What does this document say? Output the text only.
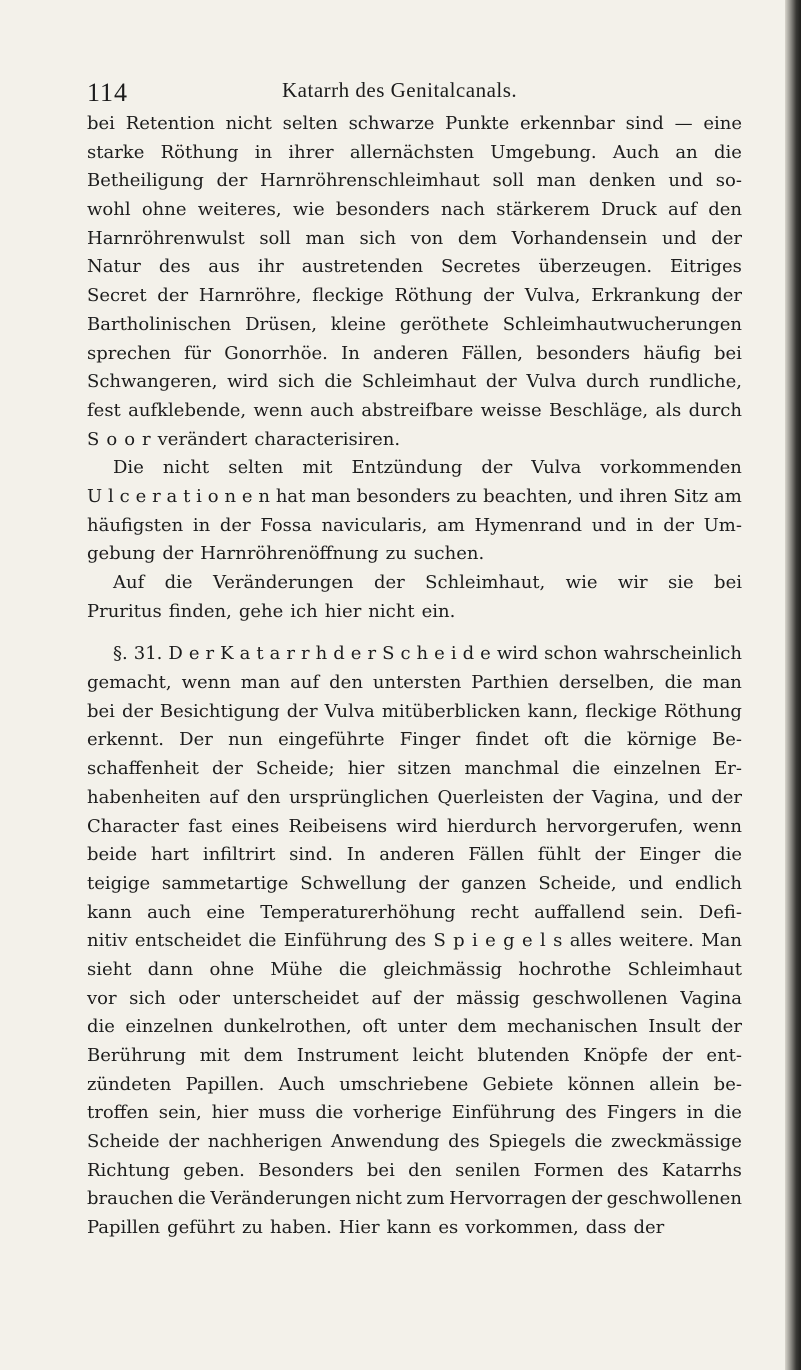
114	Katarrh des Genitalcanals.
bei Retention nicht selten schwarze Punkte erkennbar sind — eine
starke Röthung in ihrer allernächsten Umgebung. Auch an die
Betheiligung der Harnröhrenschleimhaut soll man denken und so-
wohl ohne weiteres, wie besonders nach stärkerem Druck auf den
Harnröhrenwulst soll man sich von dem Vorhandensein und der
Natur des aus ihr austretenden Secretes überzeugen. Eitriges
Secret der Harnröhre, fleckige Röthung der Vulva, Erkrankung der
Bartholinischen Drüsen, kleine geröthete Schleimhautwucherungen
sprechen für Gonorrhöe. In anderen Fällen, besonders häufig bei
Schwangeren, wird sich die Schleimhaut der Vulva durch rundliche,
fest aufklebende, wenn auch abstreifbare weisse Beschläge, als durch
S o o r verändert characterisiren.
Die nicht selten mit Entzündung der Vulva vorkommenden
U l c e r a t i o n e n hat man besonders zu beachten, und ihren Sitz am
häufigsten in der Fossa navicularis, am Hymenrand und in der Um-
gebung der Harnröhrenöffnung zu suchen.
Auf die Veränderungen der Schleimhaut, wie wir sie bei
Pruritus finden, gehe ich hier nicht ein.
§. 31. D e r K a t a r r h d e r S c h e i d e wird schon wahrscheinlich
gemacht, wenn man auf den untersten Parthien derselben, die man
bei der Besichtigung der Vulva mitüberblicken kann, fleckige Röthung
erkennt. Der nun eingeführte Finger findet oft die körnige Be-
schaffenheit der Scheide; hier sitzen manchmal die einzelnen Er-
habenheiten auf den ursprünglichen Querleisten der Vagina, und der
Character fast eines Reibeisens wird hierdurch hervorgerufen, wenn
beide hart infiltrirt sind. In anderen Fällen fühlt der Einger die
teigige sammetartige Schwellung der ganzen Scheide, und endlich
kann auch eine Temperaturerhöhung recht auffallend sein. Defi-
nitiv entscheidet die Einführung des S p i e g e l s alles weitere. Man
sieht dann ohne Mühe die gleichmässig hochrothe Schleimhaut
vor sich oder unterscheidet auf der mässig geschwollenen Vagina
die einzelnen dunkelrothen, oft unter dem mechanischen Insult der
Berührung mit dem Instrument leicht blutenden Knöpfe der ent-
zündeten Papillen. Auch umschriebene Gebiete können allein be-
troffen sein, hier muss die vorherige Einführung des Fingers in die
Scheide der nachherigen Anwendung des Spiegels die zweckmässige
Richtung geben. Besonders bei den senilen Formen des Katarrhs
brauchen die Veränderungen nicht zum Hervorragen der geschwollenen
Papillen geführt zu haben. Hier kann es vorkommen, dass der
